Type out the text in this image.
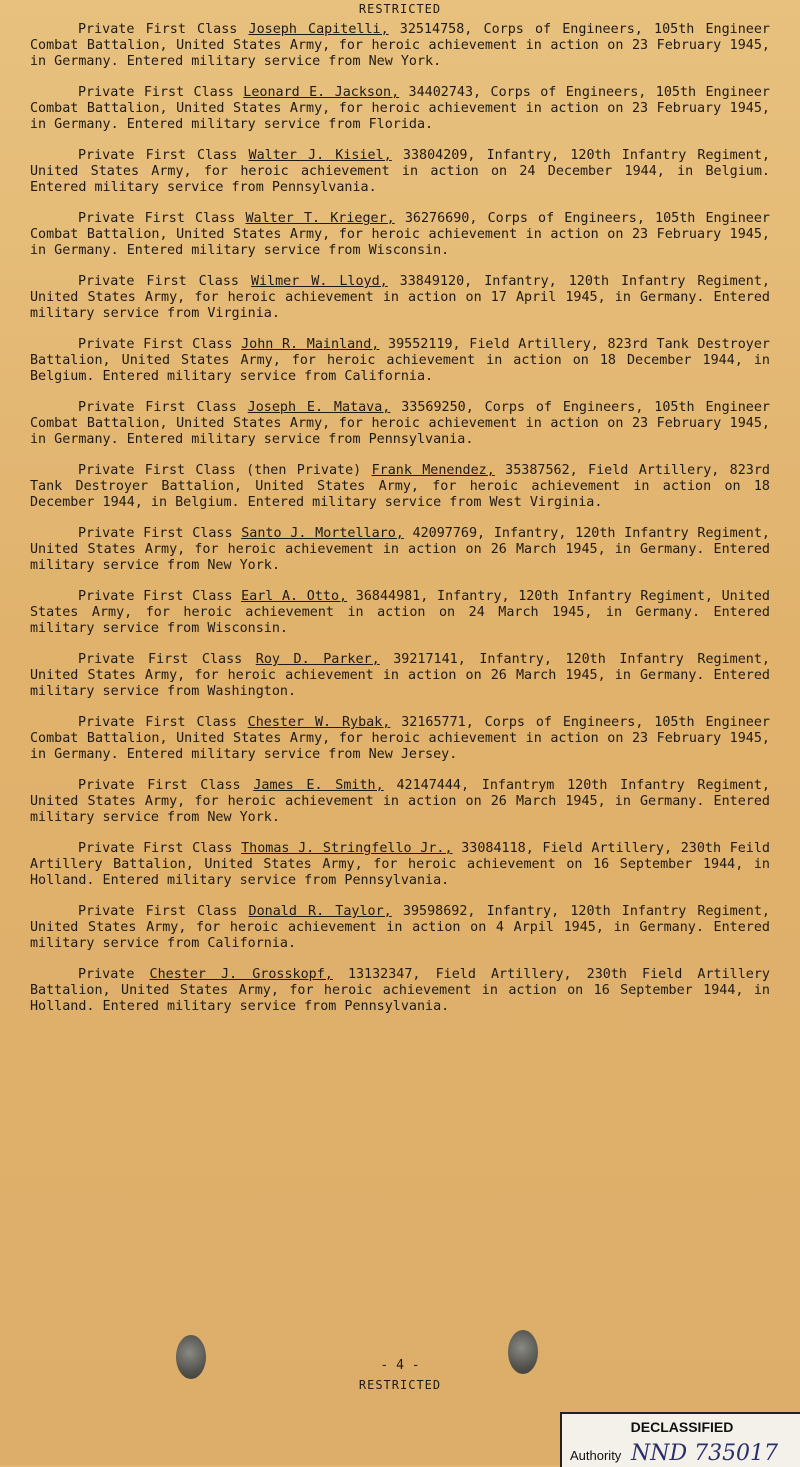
RESTRICTED
Private First Class Joseph Capitelli, 32514758, Corps of Engineers, 105th Engineer Combat Battalion, United States Army, for heroic achievement in action on 23 February 1945, in Germany. Entered military service from New York.
Private First Class Leonard E. Jackson, 34402743, Corps of Engineers, 105th Engineer Combat Battalion, United States Army, for heroic achievement in action on 23 February 1945, in Germany. Entered military service from Florida.
Private First Class Walter J. Kisiel, 33804209, Infantry, 120th Infantry Regiment, United States Army, for heroic achievement in action on 24 December 1944, in Belgium. Entered military service from Pennsylvania.
Private First Class Walter T. Krieger, 36276690, Corps of Engineers, 105th Engineer Combat Battalion, United States Army, for heroic achievement in action on 23 February 1945, in Germany. Entered military service from Wisconsin.
Private First Class Wilmer W. Lloyd, 33849120, Infantry, 120th Infantry Regiment, United States Army, for heroic achievement in action on 17 April 1945, in Germany. Entered military service from Virginia.
Private First Class John R. Mainland, 39552119, Field Artillery, 823rd Tank Destroyer Battalion, United States Army, for heroic achievement in action on 18 December 1944, in Belgium. Entered military service from California.
Private First Class Joseph E. Matava, 33569250, Corps of Engineers, 105th Engineer Combat Battalion, United States Army, for heroic achievement in action on 23 February 1945, in Germany. Entered military service from Pennsylvania.
Private First Class (then Private) Frank Menendez, 35387562, Field Artillery, 823rd Tank Destroyer Battalion, United States Army, for heroic achievement in action on 18 December 1944, in Belgium. Entered military service from West Virginia.
Private First Class Santo J. Mortellaro, 42097769, Infantry, 120th Infantry Regiment, United States Army, for heroic achievement in action on 26 March 1945, in Germany. Entered military service from New York.
Private First Class Earl A. Otto, 36844981, Infantry, 120th Infantry Regiment, United States Army, for heroic achievement in action on 24 March 1945, in Germany. Entered military service from Wisconsin.
Private First Class Roy D. Parker, 39217141, Infantry, 120th Infantry Regiment, United States Army, for heroic achievement in action on 26 March 1945, in Germany. Entered military service from Washington.
Private First Class Chester W. Rybak, 32165771, Corps of Engineers, 105th Engineer Combat Battalion, United States Army, for heroic achievement in action on 23 February 1945, in Germany. Entered military service from New Jersey.
Private First Class James E. Smith, 42147444, Infantrym 120th Infantry Regiment, United States Army, for heroic achievement in action on 26 March 1945, in Germany. Entered military service from New York.
Private First Class Thomas J. Stringfello Jr., 33084118, Field Artillery, 230th Feild Artillery Battalion, United States Army, for heroic achievement on 16 September 1944, in Holland. Entered military service from Pennsylvania.
Private First Class Donald R. Taylor, 39598692, Infantry, 120th Infantry Regiment, United States Army, for heroic achievement in action on 4 Arpil 1945, in Germany. Entered military service from California.
Private Chester J. Grosskopf, 13132347, Field Artillery, 230th Field Artillery Battalion, United States Army, for heroic achievement in action on 16 September 1944, in Holland. Entered military service from Pennsylvania.
- 4 -
RESTRICTED
DECLASSIFIED
Authority NND 735017
